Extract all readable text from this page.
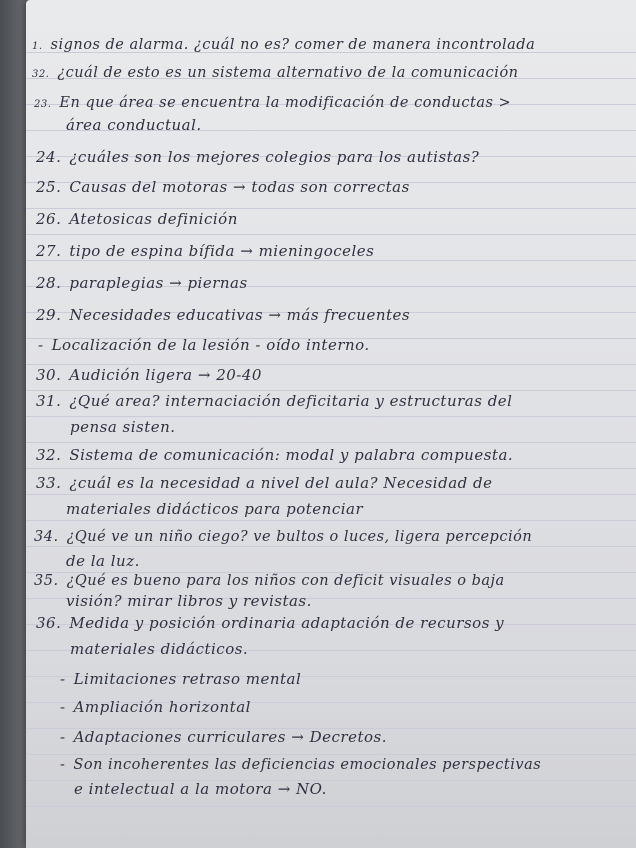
1. signos de alarma. ¿cuál no es? comer de manera incontrolada
32. ¿cuál de esto es un sistema alternativo de la comunicación
23. En que área se encuentra la modificación de conductas >
área conductual.
24. ¿cuáles son los mejores colegios para los autistas?
25. Causas del motoras → todas son correctas
26. Atetosicas definición
27. tipo de espina bífida → mieningoceles
28. paraplegias → piernas
29. Necesidades educativas → más frecuentes
- Localización de la lesión - oído interno.
30. Audición ligera → 20-40
31. ¿Qué area? internaciación deficitaria y estructuras del
pensa sisten.
32. Sistema de comunicación: modal y palabra compuesta.
33. ¿cuál es la necesidad a nivel del aula? Necesidad de
materiales didácticos para potenciar
34. ¿Qué ve un niño ciego? ve bultos o luces, ligera percepción
de la luz.
35. ¿Qué es bueno para los niños con deficit visuales o baja
visión? mirar libros y revistas.
36. Medida y posición ordinaria adaptación de recursos y
materiales didácticos.
- Limitaciones retraso mental
- Ampliación horizontal
- Adaptaciones curriculares → Decretos.
- Son incoherentes las deficiencias emocionales perspectivas
e intelectual a la motora → NO.
